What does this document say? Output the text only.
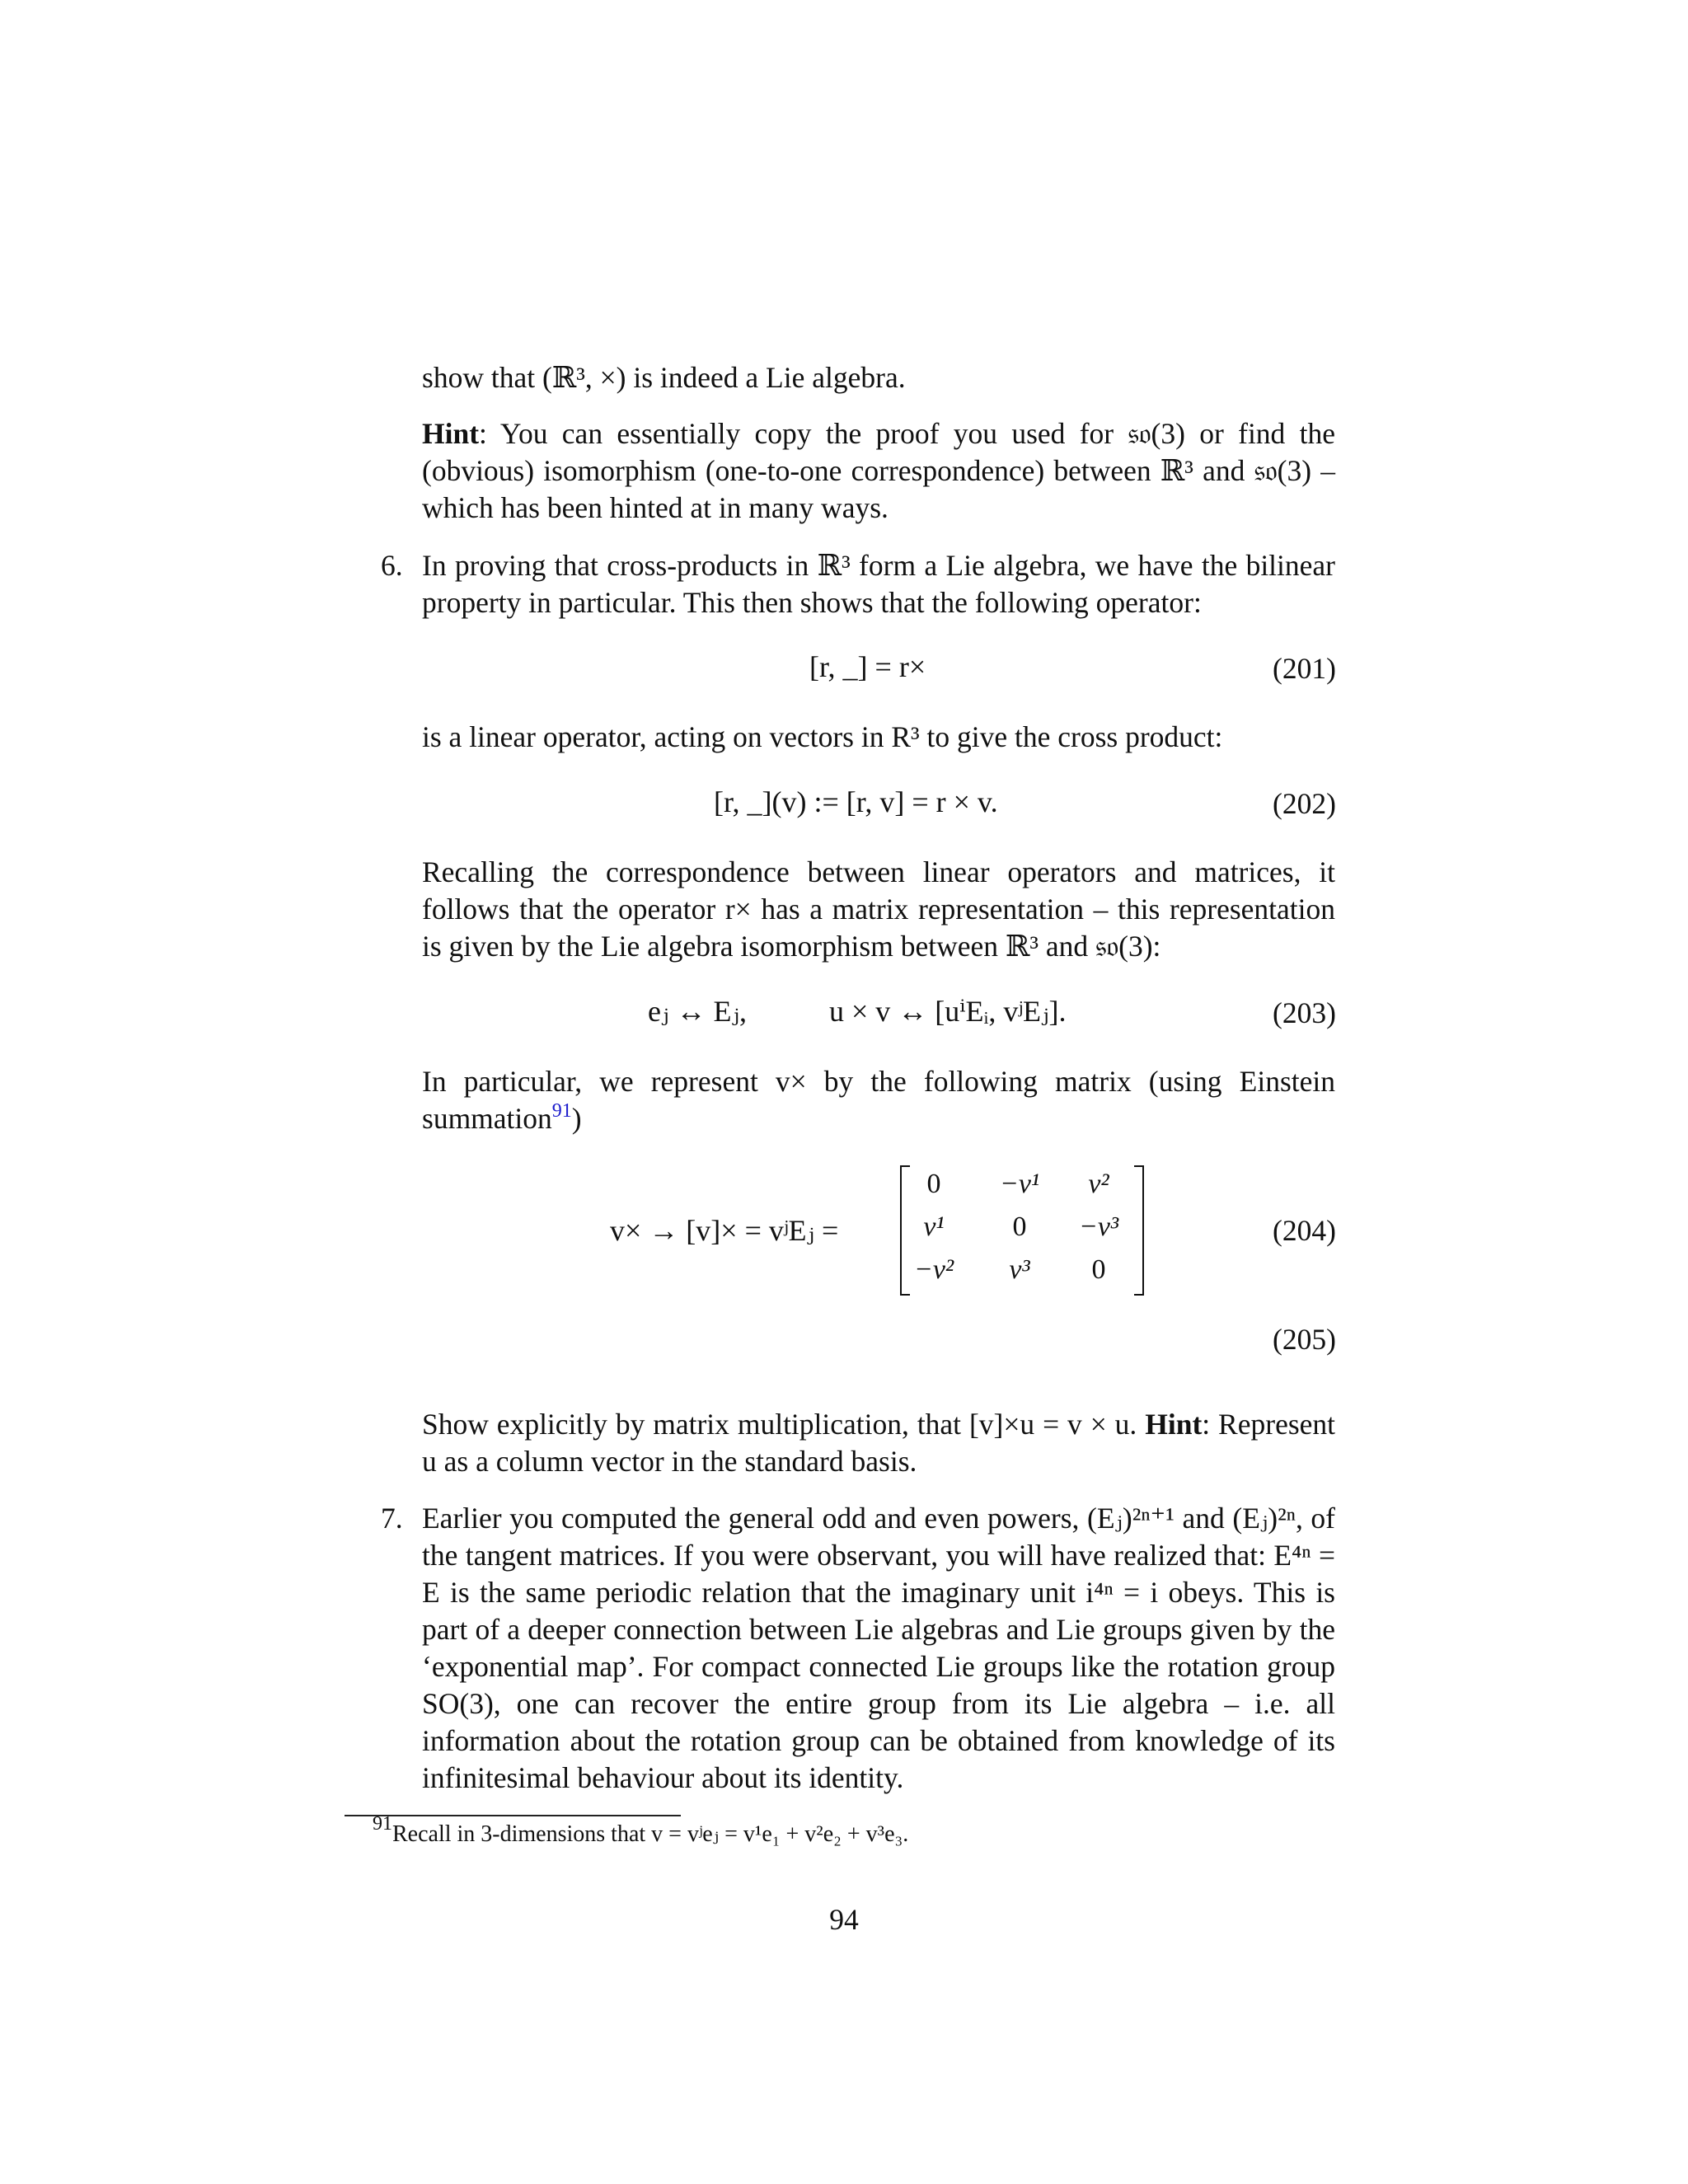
show that (ℝ³, ×) is indeed a Lie algebra.
Hint: You can essentially copy the proof you used for 𝔰𝔬(3) or find the (obvious) isomorphism (one-to-one correspondence) between ℝ³ and 𝔰𝔬(3) – which has been hinted at in many ways.
6. In proving that cross-products in ℝ³ form a Lie algebra, we have the bilinear property in particular. This then shows that the following operator:
[r, _] = r×	(201)
is a linear operator, acting on vectors in R³ to give the cross product:
[r, _](v) := [r, v] = r × v.	(202)
Recalling the correspondence between linear operators and matrices, it follows that the operator r× has a matrix representation – this representation is given by the Lie algebra isomorphism between ℝ³ and 𝔰𝔬(3):
eⱼ ↔ Eⱼ,	u × v ↔ [uⁱEᵢ, vʲEⱼ].	(203)
In particular, we represent v× by the following matrix (using Einstein summation$^{91}$)
v× → [v]× = vʲEⱼ =
0	−v¹	v²
v¹	0	−v³
−v²	v³	0
(204)
(205)
Show explicitly by matrix multiplication, that [v]×u = v × u. Hint: Represent u as a column vector in the standard basis.
7. Earlier you computed the general odd and even powers, (Eⱼ)²ⁿ⁺¹ and (Eⱼ)²ⁿ, of the tangent matrices. If you were observant, you will have realized that: E⁴ⁿ = E is the same periodic relation that the imaginary unit i⁴ⁿ = i obeys. This is part of a deeper connection between Lie algebras and Lie groups given by the ‘exponential map’. For compact connected Lie groups like the rotation group SO(3), one can recover the entire group from its Lie algebra – i.e. all information about the rotation group can be obtained from knowledge of its infinitesimal behaviour about its identity.
$^{91}$Recall in 3-dimensions that v = vʲeⱼ = v¹e₁ + v²e₂ + v³e₃.
94
